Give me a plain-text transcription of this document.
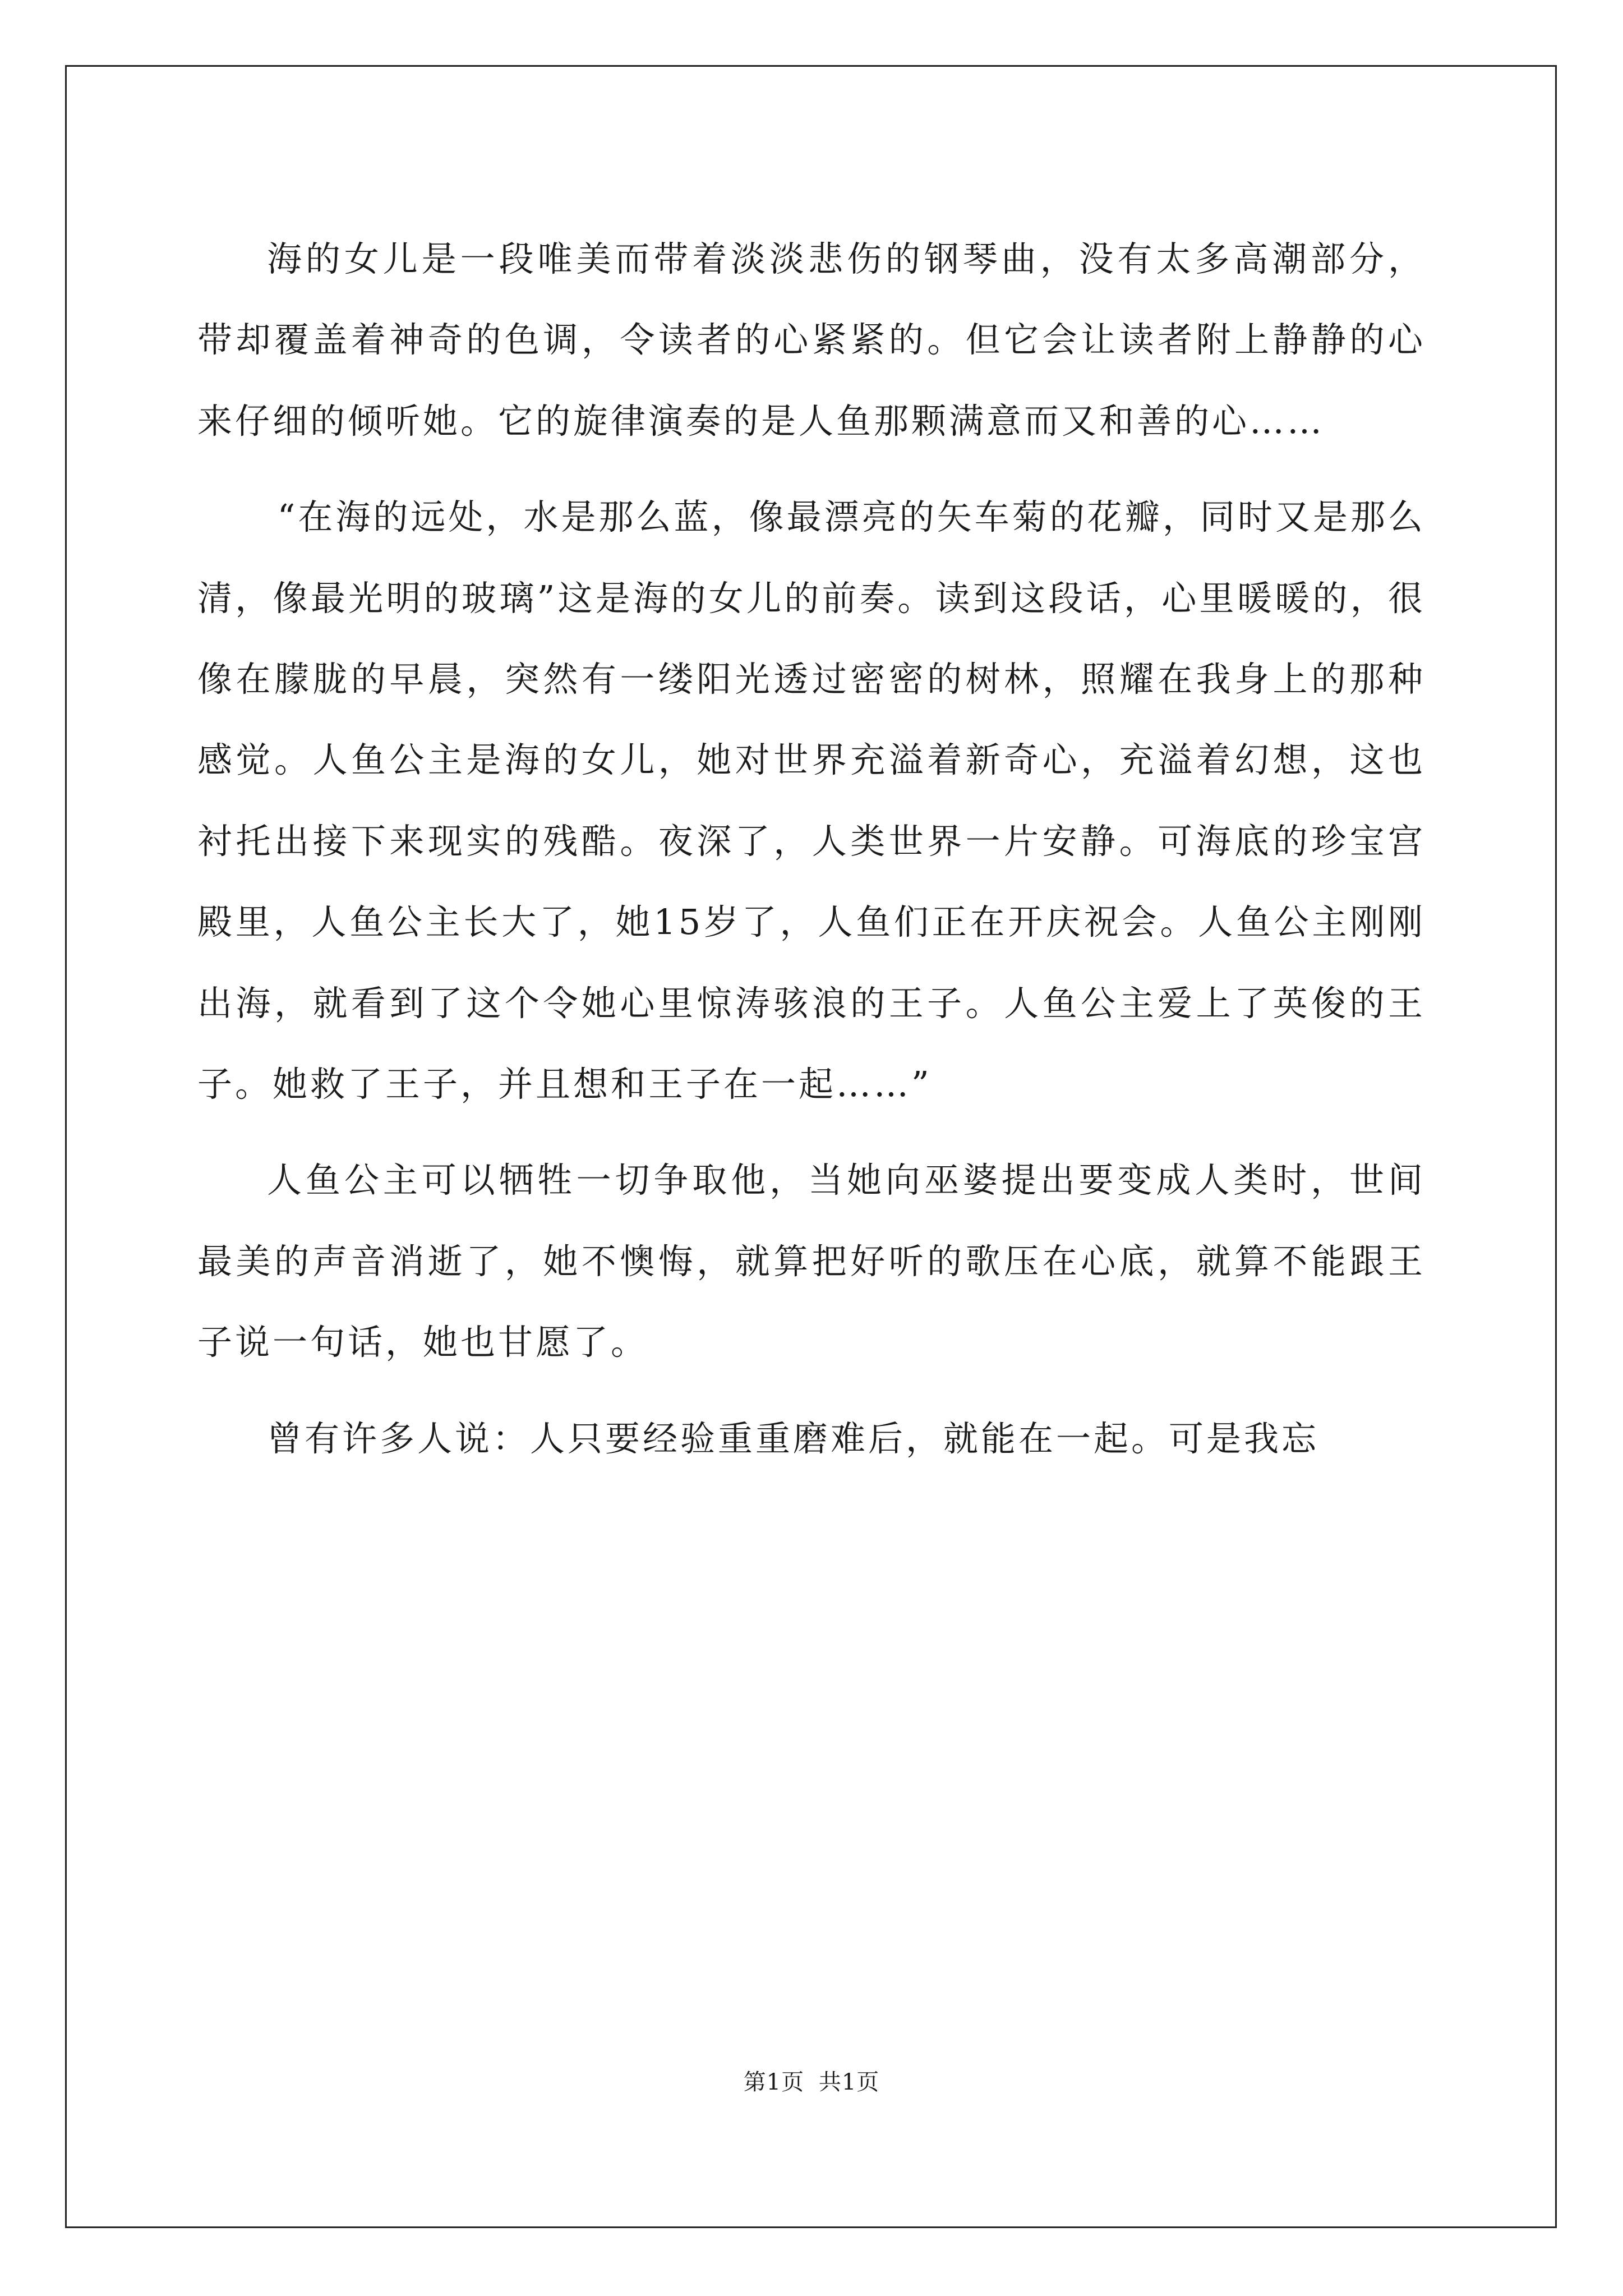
海的女儿是一段唯美而带着淡淡悲伤的钢琴曲，没有太多高潮部分，带却覆盖着神奇的色调，令读者的心紧紧的。但它会让读者附上静静的心来仔细的倾听她。它的旋律演奏的是人鱼那颗满意而又和善的心……

“在海的远处，水是那么蓝，像最漂亮的矢车菊的花瓣，同时又是那么清，像最光明的玻璃”这是海的女儿的前奏。读到这段话，心里暖暖的，很像在朦胧的早晨，突然有一缕阳光透过密密的树林，照耀在我身上的那种感觉。人鱼公主是海的女儿，她对世界充溢着新奇心，充溢着幻想，这也衬托出接下来现实的残酷。夜深了，人类世界一片安静。可海底的珍宝宫殿里，人鱼公主长大了，她15岁了，人鱼们正在开庆祝会。人鱼公主刚刚出海，就看到了这个令她心里惊涛骇浪的王子。人鱼公主爱上了英俊的王子。她救了王子，并且想和王子在一起……”

人鱼公主可以牺牲一切争取他，当她向巫婆提出要变成人类时，世间最美的声音消逝了，她不懊悔，就算把好听的歌压在心底，就算不能跟王子说一句话，她也甘愿了。

曾有许多人说：人只要经验重重磨难后，就能在一起。可是我忘

第1页 共1页
